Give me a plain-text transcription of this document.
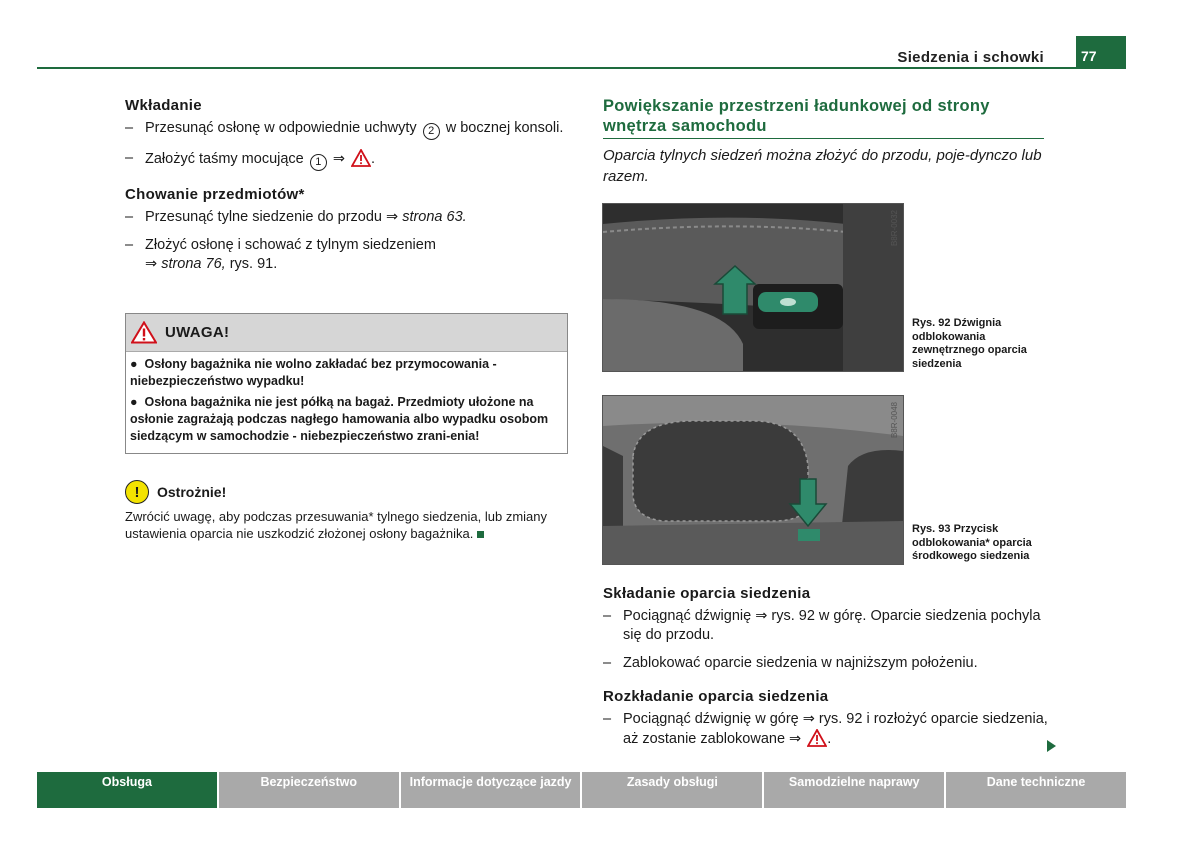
Siedzenia i schowki	77
Wkładanie
– Przesunąć osłonę w odpowiednie uchwyty 2 w bocznej konsoli.
– Założyć taśmy mocujące 1 ⇒ .
Chowanie przedmiotów*
– Przesunąć tylne siedzenie do przodu ⇒ strona 63.
– Złożyć osłonę i schować z tylnym siedzeniem
⇒ strona 76, rys. 91.
UWAGA!

●  Osłony bagażnika nie wolno zakładać bez przymocowania - niebezpieczeństwo wypadku!

●  Osłona bagażnika nie jest półką na bagaż. Przedmioty ułożone na osłonie zagrażają podczas nagłego hamowania albo wypadku osobom siedzącym w samochodzie - niebezpieczeństwo zrani-enia!

!	Ostrożnie!
Zwrócić uwagę, aby podczas przesuwania* tylnego siedzenia, lub zmiany ustawienia oparcia nie uszkodzić złożonej osłony bagażnika.
Powiększanie przestrzeni ładunkowej od strony wnętrza samochodu
Oparcia tylnych siedzeń można złożyć do przodu, poje-dynczo lub razem.
B8R-0032
Rys. 92 Dźwignia odblokowania zewnętrznego oparcia siedzenia
B8R-0048
Rys. 93 Przycisk odblokowania* oparcia środkowego siedzenia
Składanie oparcia siedzenia
– Pociągnąć dźwignię ⇒ rys. 92 w górę. Oparcie siedzenia pochyla się do przodu.
– Zablokować oparcie siedzenia w najniższym położeniu.
Rozkładanie oparcia siedzenia
– Pociągnąć dźwignię w górę ⇒ rys. 92 i rozłożyć oparcie siedzenia, aż zostanie zablokowane ⇒ .
Obsługa	Bezpieczeństwo	Informacje dotyczące jazdy	Zasady obsługi	Samodzielne naprawy	Dane techniczne
